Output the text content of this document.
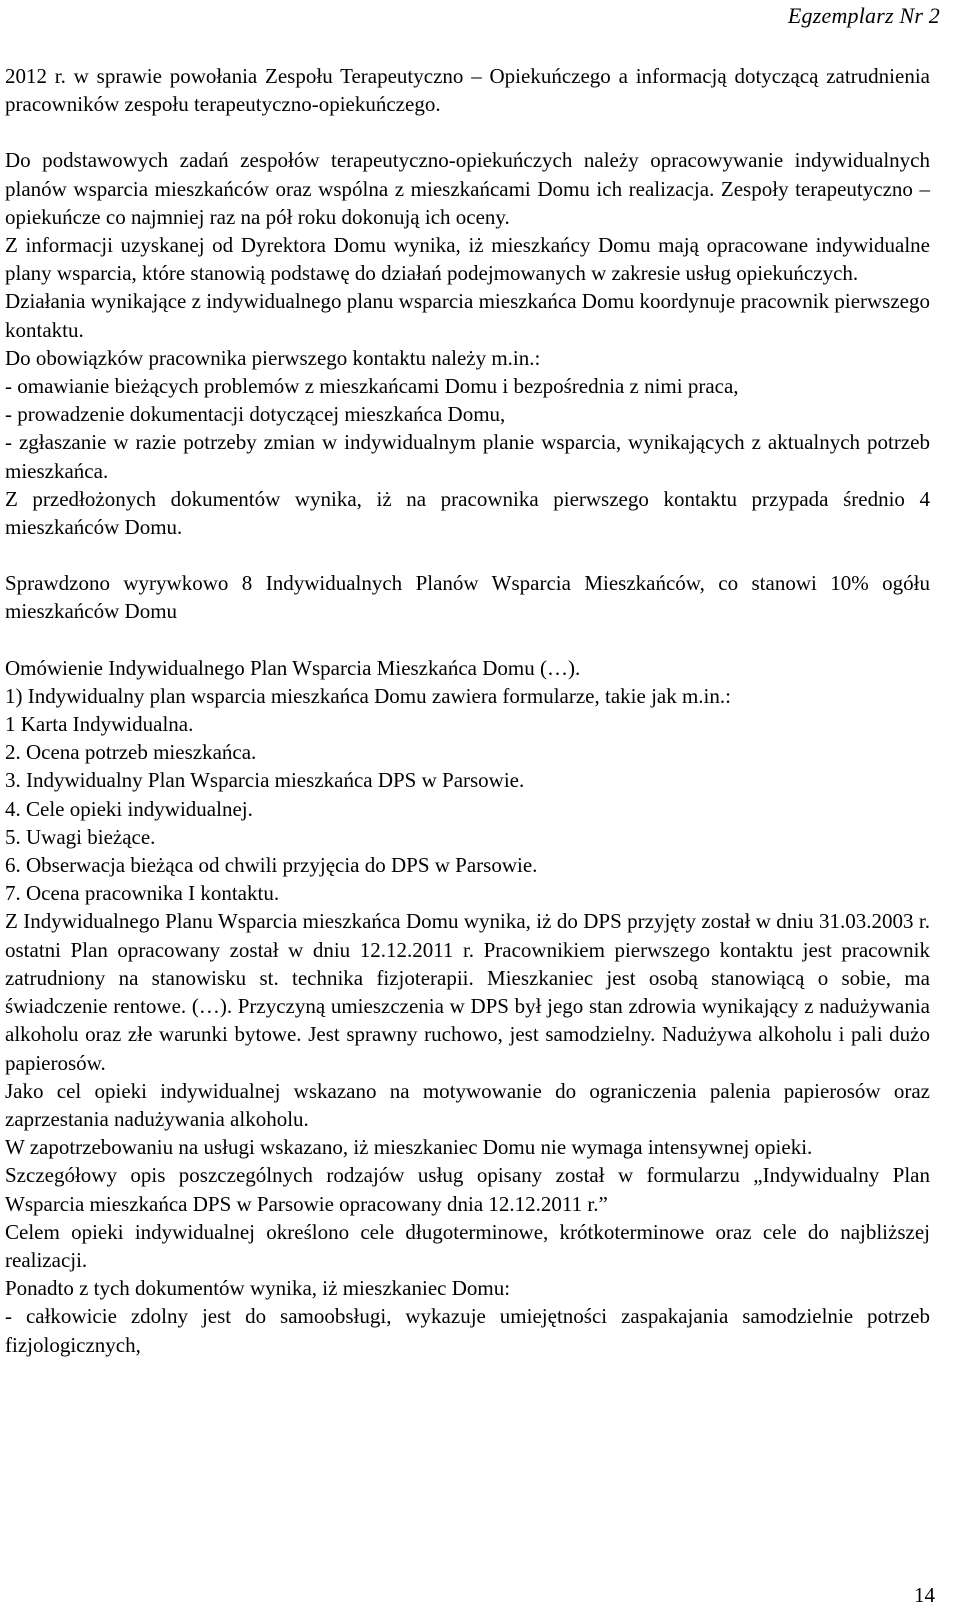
Egzemplarz Nr 2

2012 r. w sprawie powołania Zespołu Terapeutyczno – Opiekuńczego a informacją dotyczącą zatrudnienia pracowników zespołu terapeutyczno-opiekuńczego.

Do podstawowych zadań zespołów terapeutyczno-opiekuńczych należy opracowywanie indywidualnych planów wsparcia mieszkańców oraz wspólna z mieszkańcami Domu ich realizacja. Zespoły terapeutyczno – opiekuńcze co najmniej raz na pół roku dokonują ich oceny.

Z informacji uzyskanej od Dyrektora Domu wynika, iż mieszkańcy Domu mają opracowane indywidualne plany wsparcia, które stanowią podstawę do działań podejmowanych w zakresie usług opiekuńczych.

Działania wynikające z indywidualnego planu wsparcia mieszkańca Domu koordynuje pracownik pierwszego kontaktu.

Do obowiązków pracownika pierwszego kontaktu należy m.in.:

- omawianie bieżących problemów z mieszkańcami Domu i bezpośrednia z nimi praca,

- prowadzenie dokumentacji dotyczącej mieszkańca Domu,

- zgłaszanie w razie potrzeby zmian w indywidualnym planie wsparcia, wynikających z aktualnych potrzeb mieszkańca.

Z przedłożonych dokumentów wynika, iż na pracownika pierwszego kontaktu przypada średnio 4 mieszkańców Domu.

Sprawdzono wyrywkowo 8 Indywidualnych Planów Wsparcia Mieszkańców, co stanowi 10% ogółu mieszkańców Domu

Omówienie Indywidualnego Plan Wsparcia Mieszkańca Domu (…).

1) Indywidualny plan wsparcia mieszkańca Domu zawiera formularze, takie jak m.in.:

1 Karta Indywidualna.

2. Ocena potrzeb mieszkańca.

3. Indywidualny Plan Wsparcia mieszkańca DPS w Parsowie.

4. Cele opieki indywidualnej.

5. Uwagi bieżące.

6. Obserwacja bieżąca od chwili przyjęcia do DPS w Parsowie.

7. Ocena pracownika I kontaktu.

Z Indywidualnego Planu Wsparcia mieszkańca Domu wynika, iż do DPS przyjęty został w dniu 31.03.2003 r. ostatni Plan opracowany został w dniu 12.12.2011 r. Pracownikiem pierwszego kontaktu jest pracownik zatrudniony na stanowisku st. technika fizjoterapii. Mieszkaniec jest osobą stanowiącą o sobie, ma świadczenie rentowe. (…). Przyczyną umieszczenia w DPS był jego stan zdrowia wynikający z nadużywania alkoholu oraz złe warunki bytowe. Jest sprawny ruchowo, jest samodzielny. Nadużywa alkoholu i pali dużo papierosów.

Jako cel opieki indywidualnej wskazano na motywowanie do ograniczenia palenia papierosów oraz zaprzestania nadużywania alkoholu.

W zapotrzebowaniu na usługi wskazano, iż mieszkaniec Domu nie wymaga intensywnej opieki.

Szczegółowy opis poszczególnych rodzajów usług opisany został w formularzu „Indywidualny Plan Wsparcia mieszkańca DPS w Parsowie opracowany dnia 12.12.2011 r.”

Celem opieki indywidualnej określono cele długoterminowe, krótkoterminowe oraz cele do najbliższej realizacji.

Ponadto z tych dokumentów wynika, iż mieszkaniec Domu:

- całkowicie zdolny jest do samoobsługi, wykazuje umiejętności zaspakajania samodzielnie potrzeb fizjologicznych,

14
